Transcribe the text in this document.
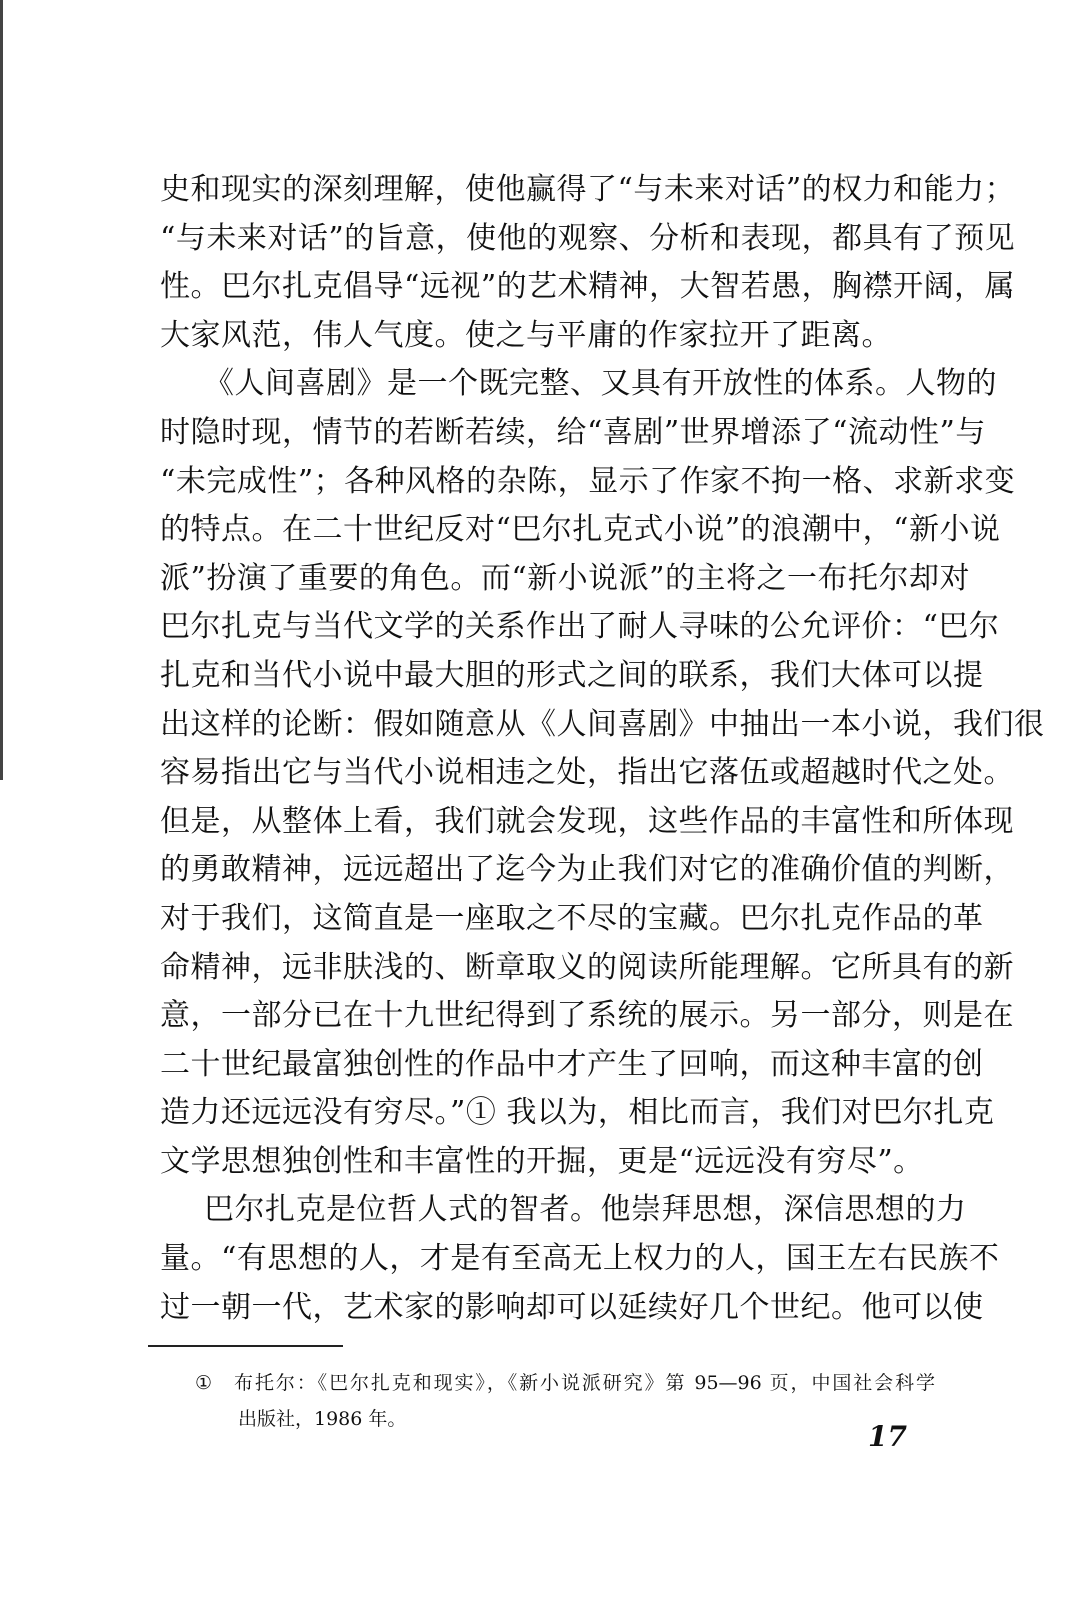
史和现实的深刻理解，使他赢得了“与未来对话”的权力和能力；
“与未来对话”的旨意，使他的观察、分析和表现，都具有了预见
性。巴尔扎克倡导“远视”的艺术精神，大智若愚，胸襟开阔，属
大家风范，伟人气度。使之与平庸的作家拉开了距离。
《人间喜剧》是一个既完整、又具有开放性的体系。人物的
时隐时现，情节的若断若续，给“喜剧”世界增添了“流动性”与
“未完成性”；各种风格的杂陈，显示了作家不拘一格、求新求变
的特点。在二十世纪反对“巴尔扎克式小说”的浪潮中，“新小说
派”扮演了重要的角色。而“新小说派”的主将之一布托尔却对
巴尔扎克与当代文学的关系作出了耐人寻味的公允评价：“巴尔
扎克和当代小说中最大胆的形式之间的联系，我们大体可以提
出这样的论断：假如随意从《人间喜剧》中抽出一本小说，我们很
容易指出它与当代小说相违之处，指出它落伍或超越时代之处。
但是，从整体上看，我们就会发现，这些作品的丰富性和所体现
的勇敢精神，远远超出了迄今为止我们对它的准确价值的判断，
对于我们，这简直是一座取之不尽的宝藏。巴尔扎克作品的革
命精神，远非肤浅的、断章取义的阅读所能理解。它所具有的新
意，一部分已在十九世纪得到了系统的展示。另一部分，则是在
二十世纪最富独创性的作品中才产生了回响，而这种丰富的创
造力还远远没有穷尽。”① 我以为，相比而言，我们对巴尔扎克
文学思想独创性和丰富性的开掘，更是“远远没有穷尽”。
巴尔扎克是位哲人式的智者。他崇拜思想，深信思想的力
量。“有思想的人，才是有至高无上权力的人，国王左右民族不
过一朝一代，艺术家的影响却可以延续好几个世纪。他可以使
① 布托尔：《巴尔扎克和现实》，《新小说派研究》第 95—96 页，中国社会科学
出版社，1986 年。
17
